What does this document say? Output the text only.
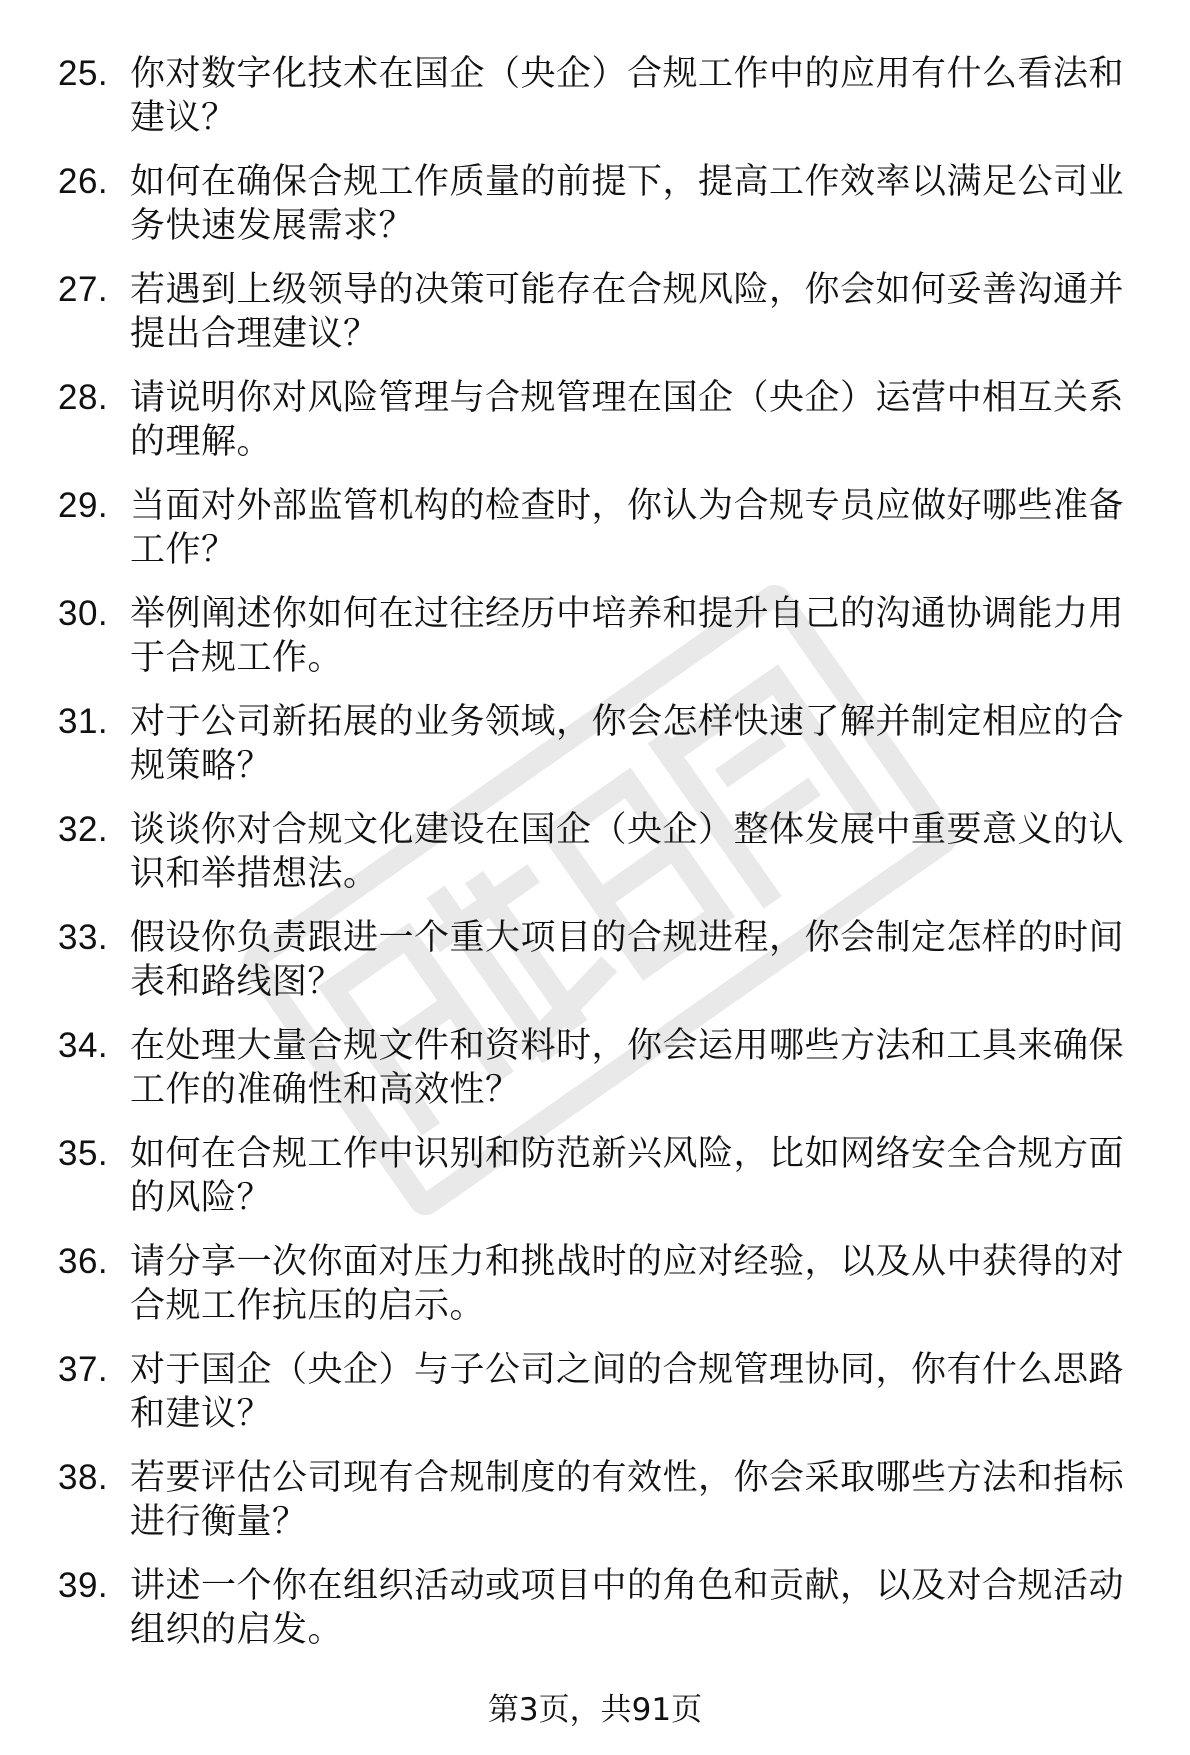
25. 你对数字化技术在国企（央企）合规工作中的应用有什么看法和建议？
26. 如何在确保合规工作质量的前提下，提高工作效率以满足公司业务快速发展需求？
27. 若遇到上级领导的决策可能存在合规风险，你会如何妥善沟通并提出合理建议？
28. 请说明你对风险管理与合规管理在国企（央企）运营中相互关系的理解。
29. 当面对外部监管机构的检查时，你认为合规专员应做好哪些准备工作？
30. 举例阐述你如何在过往经历中培养和提升自己的沟通协调能力用于合规工作。
31. 对于公司新拓展的业务领域，你会怎样快速了解并制定相应的合规策略？
32. 谈谈你对合规文化建设在国企（央企）整体发展中重要意义的认识和举措想法。
33. 假设你负责跟进一个重大项目的合规进程，你会制定怎样的时间表和路线图？
34. 在处理大量合规文件和资料时，你会运用哪些方法和工具来确保工作的准确性和高效性？
35. 如何在合规工作中识别和防范新兴风险，比如网络安全合规方面的风险？
36. 请分享一次你面对压力和挑战时的应对经验，以及从中获得的对合规工作抗压的启示。
37. 对于国企（央企）与子公司之间的合规管理协同，你有什么思路和建议？
38. 若要评估公司现有合规制度的有效性，你会采取哪些方法和指标进行衡量？
39. 讲述一个你在组织活动或项目中的角色和贡献，以及对合规活动组织的启发。
第3页，共91页
